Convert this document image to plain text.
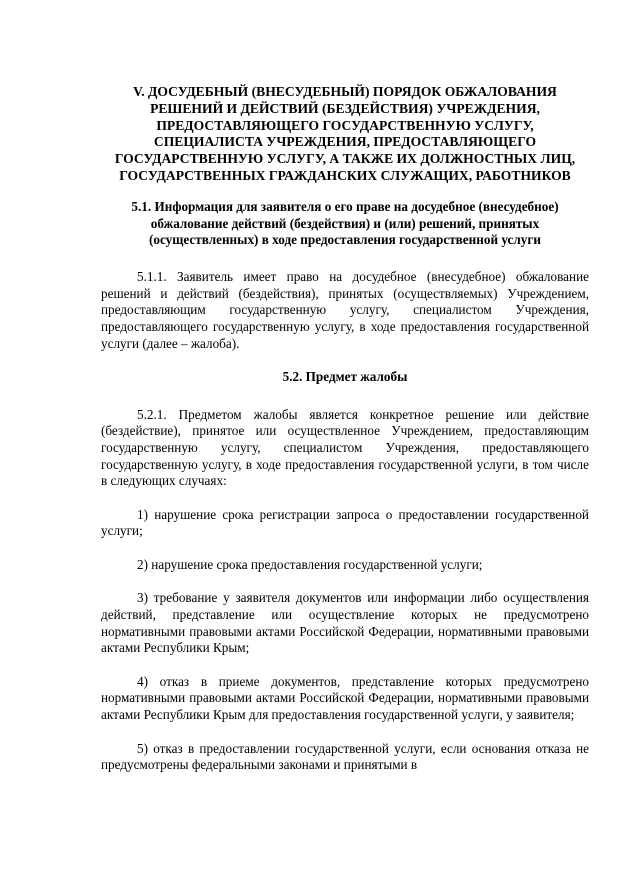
V. ДОСУДЕБНЫЙ (ВНЕСУДЕБНЫЙ) ПОРЯДОК ОБЖАЛОВАНИЯ РЕШЕНИЙ И ДЕЙСТВИЙ (БЕЗДЕЙСТВИЯ) УЧРЕЖДЕНИЯ, ПРЕДОСТАВЛЯЮЩЕГО ГОСУДАРСТВЕННУЮ УСЛУГУ, СПЕЦИАЛИСТА УЧРЕЖДЕНИЯ, ПРЕДОСТАВЛЯЮЩЕГО ГОСУДАРСТВЕННУЮ УСЛУГУ, А ТАКЖЕ ИХ ДОЛЖНОСТНЫХ ЛИЦ, ГОСУДАРСТВЕННЫХ ГРАЖДАНСКИХ СЛУЖАЩИХ, РАБОТНИКОВ
5.1. Информация для заявителя о его праве на досудебное (внесудебное) обжалование действий (бездействия) и (или) решений, принятых (осуществленных) в ходе предоставления государственной услуги

5.1.1. Заявитель имеет право на досудебное (внесудебное) обжалование решений и действий (бездействия), принятых (осуществляемых) Учреждением, предоставляющим государственную услугу, специалистом Учреждения, предоставляющего государственную услугу, в ходе предоставления государственной услуги (далее – жалоба).

5.2. Предмет жалобы

5.2.1. Предметом жалобы является конкретное решение или действие (бездействие), принятое или осуществленное Учреждением, предоставляющим государственную услугу, специалистом Учреждения, предоставляющего государственную услугу, в ходе предоставления государственной услуги, в том числе в следующих случаях:

1) нарушение срока регистрации запроса о предоставлении государственной услуги;

2) нарушение срока предоставления государственной услуги;

3) требование у заявителя документов или информации либо осуществления действий, представление или осуществление которых не предусмотрено нормативными правовыми актами Российской Федерации, нормативными правовыми актами Республики Крым;

4) отказ в приеме документов, представление которых предусмотрено нормативными правовыми актами Российской Федерации, нормативными правовыми актами Республики Крым для предоставления государственной услуги, у заявителя;

5) отказ в предоставлении государственной услуги, если основания отказа не предусмотрены федеральными законами и принятыми в
